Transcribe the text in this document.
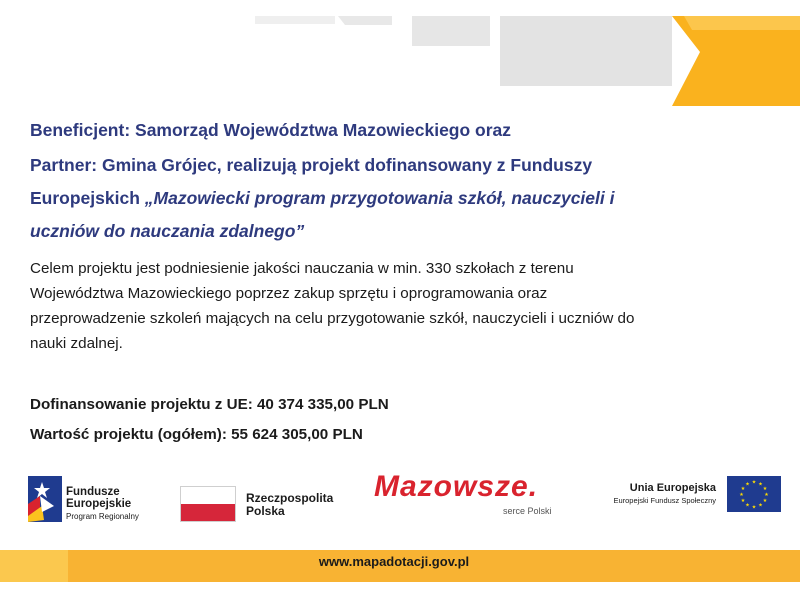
Beneficjent: Samorząd Województwa Mazowieckiego oraz
Partner: Gmina Grójec, realizują projekt dofinansowany z Funduszy
Europejskich „Mazowiecki program przygotowania szkół, nauczycieli i
uczniów do nauczania zdalnego”

Celem projektu jest podniesienie jakości nauczania w min. 330 szkołach z terenu
Województwa Mazowieckiego poprzez zakup sprzętu i oprogramowania oraz
przeprowadzenie szkoleń mających na celu przygotowanie szkół, nauczycieli i uczniów do
nauki zdalnej.

Dofinansowanie projektu z UE: 40 374 335,00 PLN
Wartość projektu (ogółem): 55 624 305,00 PLN
Fundusze
Europejskie
Program Regionalny
Rzeczpospolita
Polska
Mazowsze.
serce Polski
Unia Europejska
Europejski Fundusz Społeczny
★ ★
★
★
★
★
★
★
★
★
★
★
www.mapadotacji.gov.pl
